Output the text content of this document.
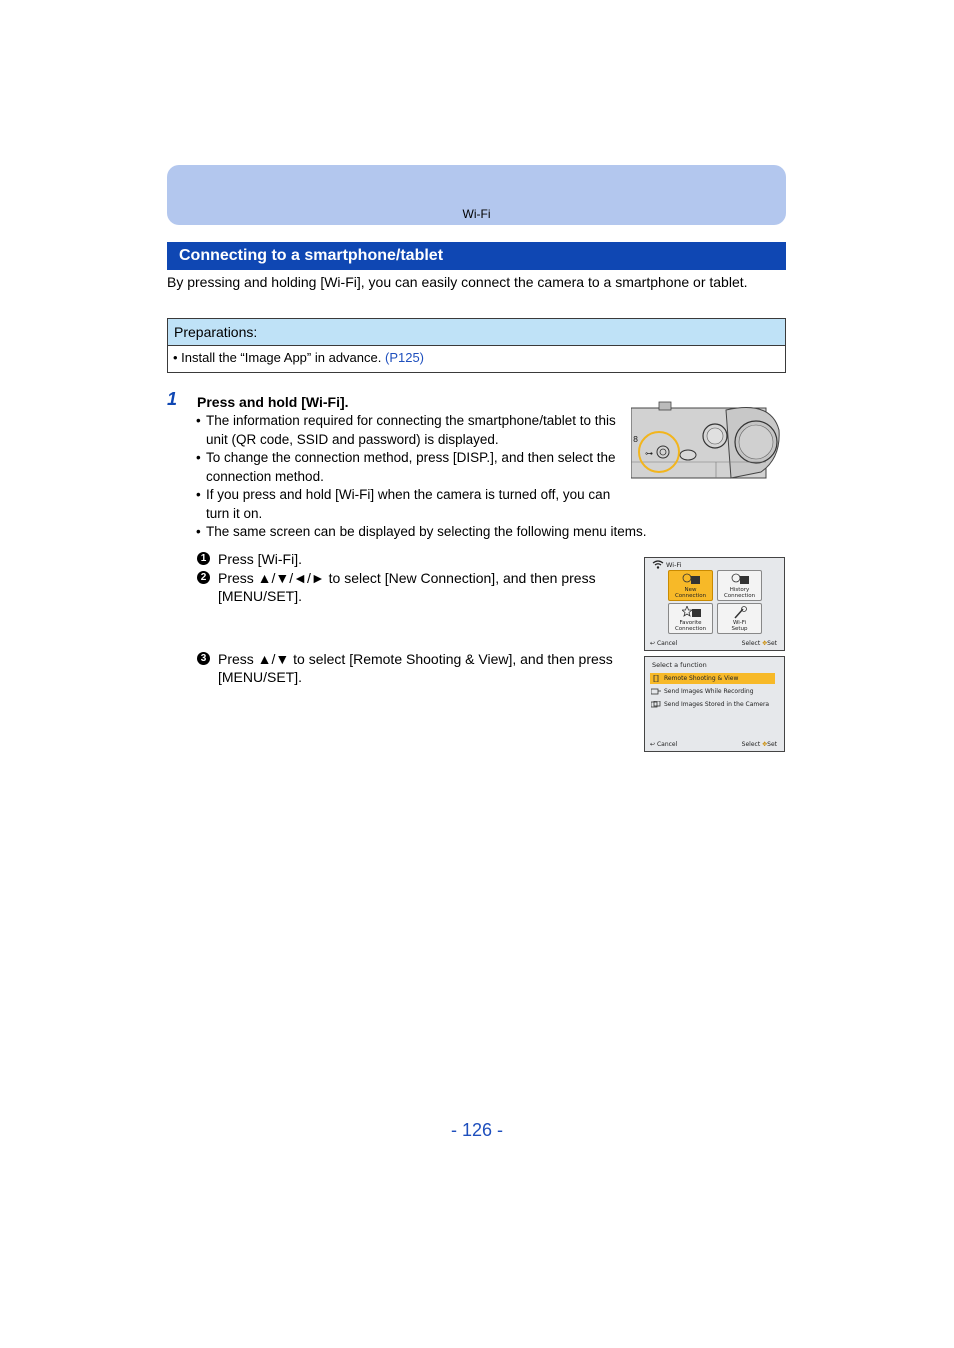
Wi-Fi
Connecting to a smartphone/tablet
By pressing and holding [Wi-Fi], you can easily connect the camera to a smartphone or tablet.
Preparations:
• Install the “Image App” in advance. (P125)
1 Press and hold [Wi-Fi].
• The information required for connecting the smartphone/tablet to this unit (QR code, SSID and password) is displayed.
• To change the connection method, press [DISP.], and then select the connection method.
• If you press and hold [Wi-Fi] when the camera is turned off, you can turn it on.
• The same screen can be displayed by selecting the following menu items.
1 Press [Wi-Fi].
2 Press ▲/▼/◄/► to select [New Connection], and then press [MENU/SET].
3 Press ▲/▼ to select [Remote Shooting & View], and then press [MENU/SET].
⊶
8
Wi-Fi
New
Connection
History
Connection
Favorite
Connection
Wi-Fi
Setup
↩ Cancel	Select ✥Set
Select a function
Remote Shooting & View
Send Images While Recording
Send Images Stored in the Camera
↩ Cancel	Select ✥Set
- 126 -
